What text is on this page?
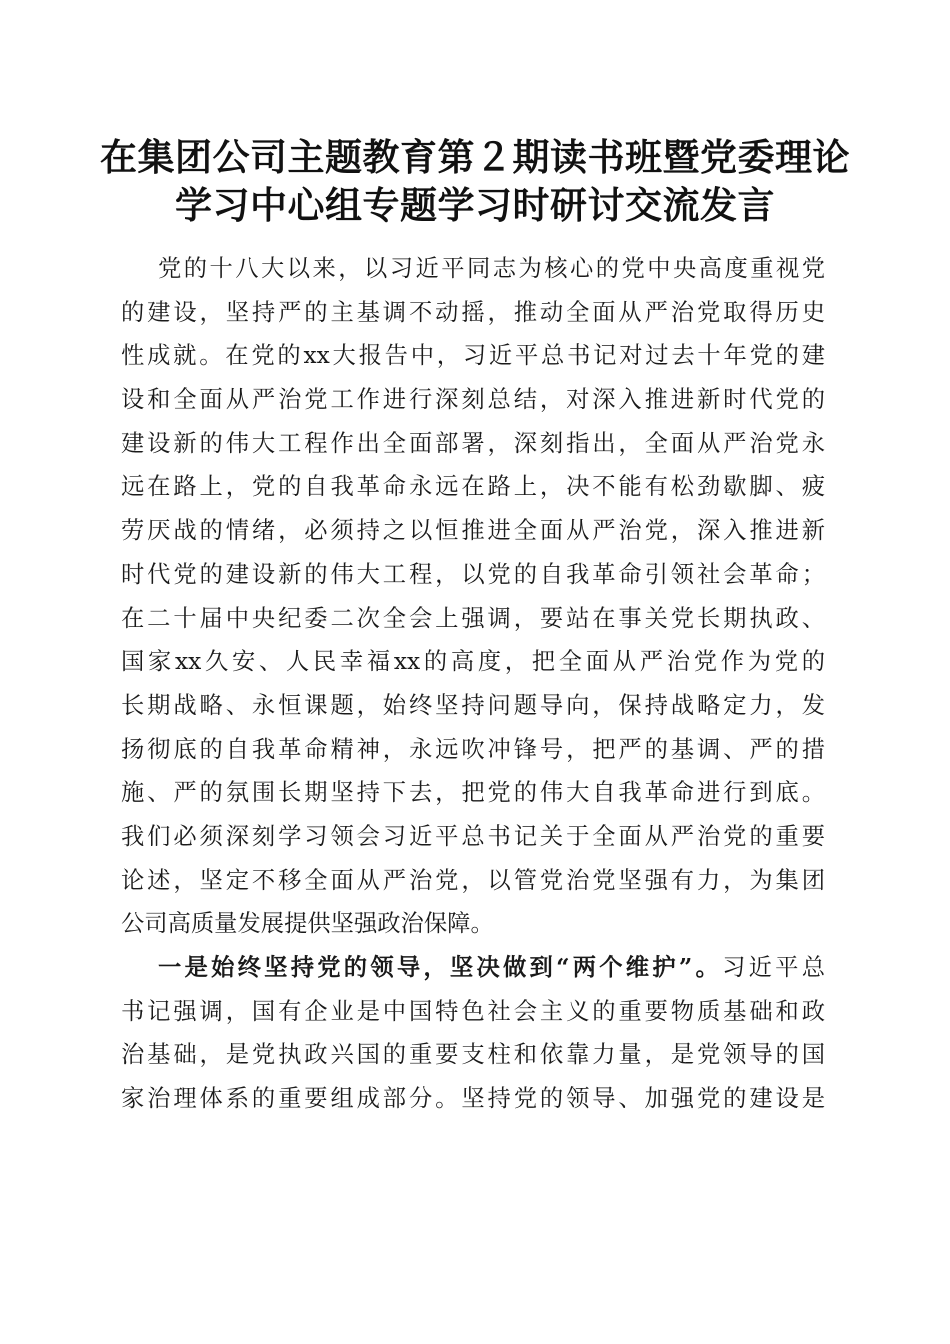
在集团公司主题教育第２期读书班暨党委理论
学习中心组专题学习时研讨交流发言
党的十八大以来，以习近平同志为核心的党中央高度重视党
的建设，坚持严的主基调不动摇，推动全面从严治党取得历史
性成就。在党的xx大报告中，习近平总书记对过去十年党的建
设和全面从严治党工作进行深刻总结，对深入推进新时代党的
建设新的伟大工程作出全面部署，深刻指出，全面从严治党永
远在路上，党的自我革命永远在路上，决不能有松劲歇脚、疲
劳厌战的情绪，必须持之以恒推进全面从严治党，深入推进新
时代党的建设新的伟大工程，以党的自我革命引领社会革命；
在二十届中央纪委二次全会上强调，要站在事关党长期执政、
国家xx久安、人民幸福xx的高度，把全面从严治党作为党的
长期战略、永恒课题，始终坚持问题导向，保持战略定力，发
扬彻底的自我革命精神，永远吹冲锋号，把严的基调、严的措
施、严的氛围长期坚持下去，把党的伟大自我革命进行到底。
我们必须深刻学习领会习近平总书记关于全面从严治党的重要
论述，坚定不移全面从严治党，以管党治党坚强有力，为集团
公司高质量发展提供坚强政治保障。
一是始终坚持党的领导，坚决做到“两个维护”。习近平总
书记强调，国有企业是中国特色社会主义的重要物质基础和政
治基础，是党执政兴国的重要支柱和依靠力量，是党领导的国
家治理体系的重要组成部分。坚持党的领导、加强党的建设是
